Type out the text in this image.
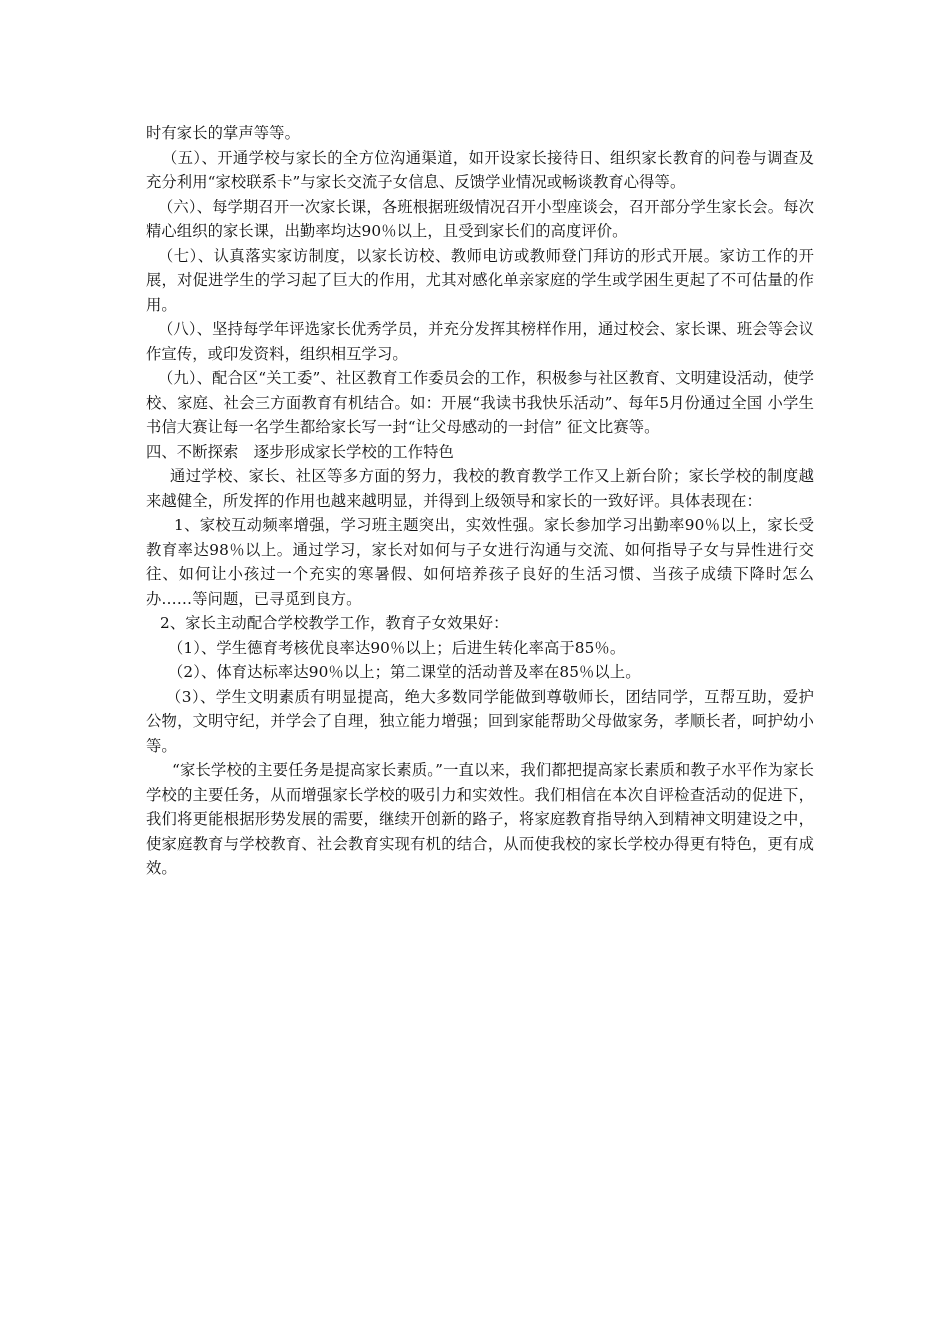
时有家长的掌声等等。

（五）、开通学校与家长的全方位沟通渠道，如开设家长接待日、组织家长教育的问卷与调查及充分利用“家校联系卡”与家长交流子女信息、反馈学业情况或畅谈教育心得等。

（六）、每学期召开一次家长课，各班根据班级情况召开小型座谈会，召开部分学生家长会。每次精心组织的家长课，出勤率均达90％以上，且受到家长们的高度评价。

（七）、认真落实家访制度，以家长访校、教师电访或教师登门拜访的形式开展。家访工作的开展，对促进学生的学习起了巨大的作用，尤其对感化单亲家庭的学生或学困生更起了不可估量的作用。

（八）、坚持每学年评选家长优秀学员，并充分发挥其榜样作用，通过校会、家长课、班会等会议作宣传，或印发资料，组织相互学习。

（九）、配合区“关工委”、社区教育工作委员会的工作，积极参与社区教育、文明建设活动，使学校、家庭、社会三方面教育有机结合。如：开展“我读书我快乐活动”、每年5月份通过全国 小学生书信大赛让每一名学生都给家长写一封“让父母感动的一封信” 征文比赛等。

四、不断探索　逐步形成家长学校的工作特色

通过学校、家长、社区等多方面的努力，我校的教育教学工作又上新台阶；家长学校的制度越来越健全，所发挥的作用也越来越明显，并得到上级领导和家长的一致好评。具体表现在：

1、家校互动频率增强，学习班主题突出，实效性强。家长参加学习出勤率90％以上，家长受教育率达98％以上。通过学习，家长对如何与子女进行沟通与交流、如何指导子女与异性进行交往、如何让小孩过一个充实的寒暑假、如何培养孩子良好的生活习惯、当孩子成绩下降时怎么办……等问题，已寻觅到良方。

2、家长主动配合学校教学工作，教育子女效果好：

（1）、学生德育考核优良率达90％以上；后进生转化率高于85％。

（2）、体育达标率达90％以上；第二课堂的活动普及率在85％以上。

（3）、学生文明素质有明显提高，绝大多数同学能做到尊敬师长，团结同学，互帮互助，爱护公物，文明守纪，并学会了自理，独立能力增强；回到家能帮助父母做家务，孝顺长者，呵护幼小等。

“家长学校的主要任务是提高家长素质。”一直以来，我们都把提高家长素质和教子水平作为家长学校的主要任务，从而增强家长学校的吸引力和实效性。我们相信在本次自评检查活动的促进下，我们将更能根据形势发展的需要，继续开创新的路子，将家庭教育指导纳入到精神文明建设之中，使家庭教育与学校教育、社会教育实现有机的结合，从而使我校的家长学校办得更有特色，更有成效。
